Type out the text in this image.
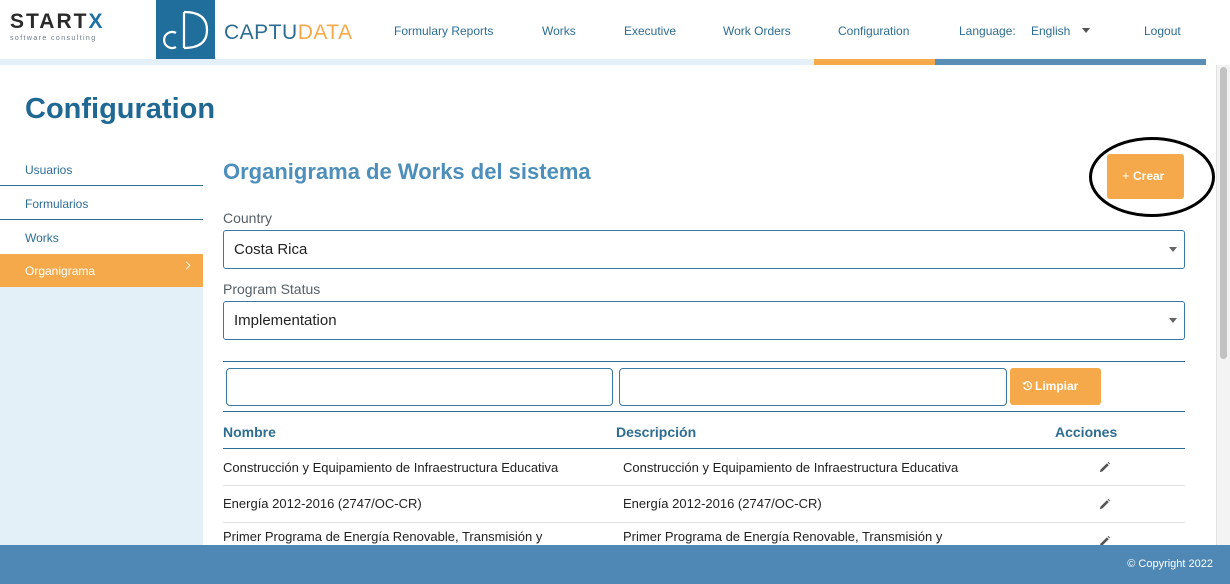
STARTX
software consulting	CAPTUDATA	Formulary Reports	Works	Executive	Work Orders	Configuration	Language: English	Logout
Configuration
Usuarios
Formularios
Works
Organigrama
Organigrama de Works del sistema	+ Crear
Country
Costa Rica
Program Status
Implementation
Limpiar
Nombre	Descripción	Acciones
Construcción y Equipamiento de Infraestructura Educativa	Construcción y Equipamiento de Infraestructura Educativa
Energía 2012-2016 (2747/OC-CR)	Energía 2012-2016 (2747/OC-CR)
Primer Programa de Energía Renovable, Transmisión y	Primer Programa de Energía Renovable, Transmisión y
© Copyright 2022
